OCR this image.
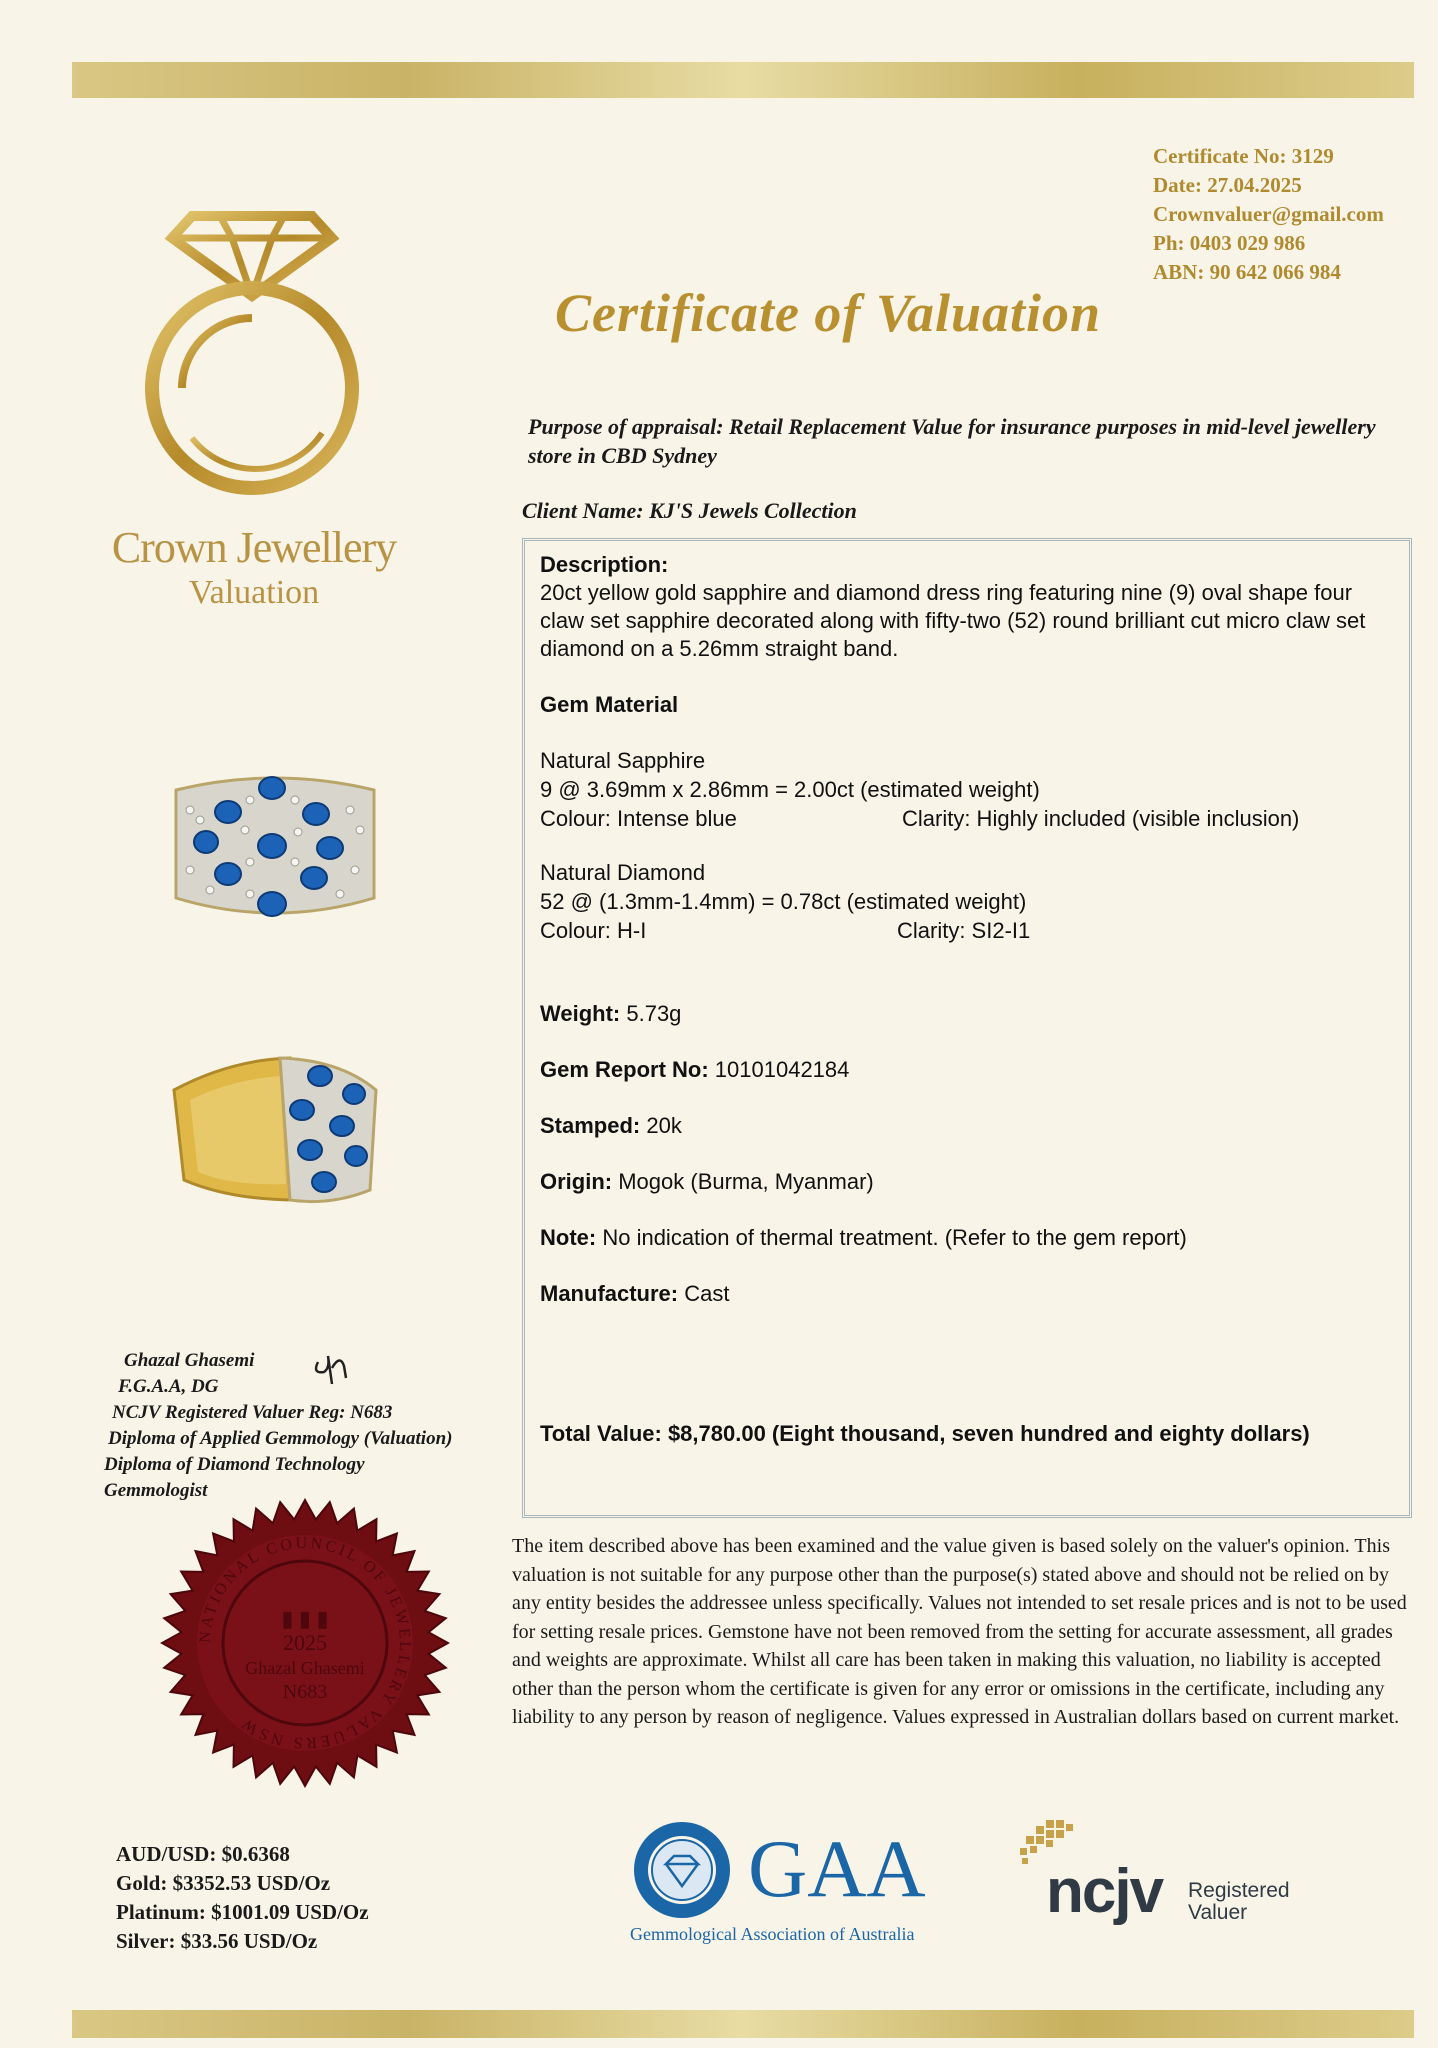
Certificate No: 3129
Date: 27.04.2025
Crownvaluer@gmail.com
Ph: 0403 029 986
ABN: 90 642 066 984
Certificate of Valuation
Crown Jewellery
Valuation
Purpose of appraisal: Retail Replacement Value for insurance purposes in mid-level jewellery store in CBD Sydney
Client Name: KJ'S Jewels Collection
Description:
20ct yellow gold sapphire and diamond dress ring featuring nine (9) oval shape four claw set sapphire decorated along with fifty-two (52) round brilliant cut micro claw set diamond on a 5.26mm straight band.
Gem Material
Natural Sapphire
9 @ 3.69mm x 2.86mm = 2.00ct (estimated weight)
Colour: Intense blue	Clarity: Highly included (visible inclusion)
Natural Diamond
52 @ (1.3mm-1.4mm) = 0.78ct (estimated weight)
Colour: H-I	Clarity: SI2-I1
Weight: 5.73g
Gem Report No: 10101042184
Stamped: 20k
Origin: Mogok (Burma, Myanmar)
Note: No indication of thermal treatment. (Refer to the gem report)
Manufacture: Cast
Total Value: $8,780.00 (Eight thousand, seven hundred and eighty dollars)
Ghazal Ghasemi
F.G.A.A, DG
NCJV Registered Valuer Reg: N683
Diploma of Applied Gemmology (Valuation)
Diploma of Diamond Technology
Gemmologist
NATIONAL COUNCIL OF JEWELLERY VALUERS NSW
▮ ▮ ▮
2025
Ghazal Ghasemi
N683
The item described above has been examined and the value given is based solely on the valuer's opinion. This valuation is not suitable for any purpose other than the purpose(s) stated above and should not be relied on by any entity besides the addressee unless specifically. Values not intended to set resale prices and is not to be used for setting resale prices. Gemstone have not been removed from the setting for accurate assessment, all grades and weights are approximate. Whilst all care has been taken in making this valuation, no liability is accepted other than the person whom the certificate is given for any error or omissions in the certificate, including any liability to any person by reason of negligence. Values expressed in Australian dollars based on current market.
AUD/USD: $0.6368
Gold: $3352.53 USD/Oz
Platinum: $1001.09 USD/Oz
Silver: $33.56 USD/Oz
GAA
Gemmological Association of Australia
ncjv Registered
Valuer
